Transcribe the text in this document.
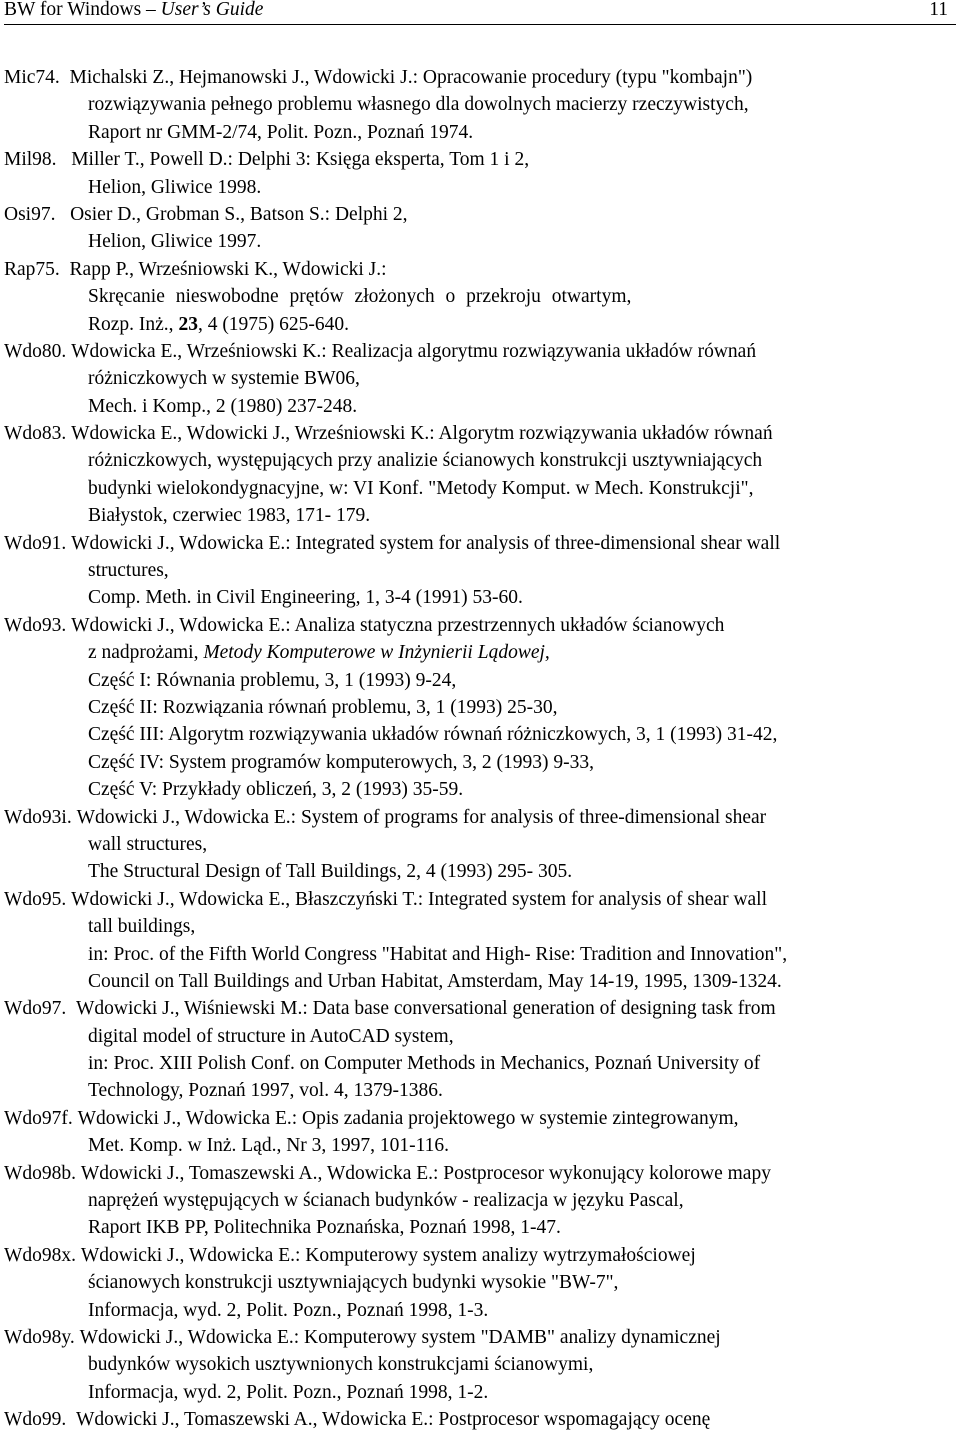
BW for Windows – User’s Guide	11
Mic74. Michalski Z., Hejmanowski J., Wdowicki J.: Opracowanie procedury (typu "kombajn")
rozwiązywania pełnego problemu własnego dla dowolnych macierzy rzeczywistych,
Raport nr GMM-2/74, Polit. Pozn., Poznań 1974.
Mil98. Miller T., Powell D.: Delphi 3: Księga eksperta, Tom 1 i 2,
Helion, Gliwice 1998.
Osi97. Osier D., Grobman S., Batson S.: Delphi 2,
Helion, Gliwice 1997.
Rap75. Rapp P., Wrześniowski K., Wdowicki J.:
Skręcanie nieswobodne prętów złożonych o przekroju otwartym,
Rozp. Inż., 23, 4 (1975) 625-640.
Wdo80. Wdowicka E., Wrześniowski K.: Realizacja algorytmu rozwiązywania układów równań
różniczkowych w systemie BW06,
Mech. i Komp., 2 (1980) 237-248.
Wdo83. Wdowicka E., Wdowicki J., Wrześniowski K.: Algorytm rozwiązywania układów równań
różniczkowych, występujących przy analizie ścianowych konstrukcji usztywniających
budynki wielokondygnacyjne, w: VI Konf. "Metody Komput. w Mech. Konstrukcji",
Białystok, czerwiec 1983, 171- 179.
Wdo91. Wdowicki J., Wdowicka E.: Integrated system for analysis of three-dimensional shear wall
structures,
Comp. Meth. in Civil Engineering, 1, 3-4 (1991) 53-60.
Wdo93. Wdowicki J., Wdowicka E.: Analiza statyczna przestrzennych układów ścianowych
z nadprożami, Metody Komputerowe w Inżynierii Lądowej,
Część I: Równania problemu, 3, 1 (1993) 9-24,
Część II: Rozwiązania równań problemu, 3, 1 (1993) 25-30,
Część III: Algorytm rozwiązywania układów równań różniczkowych, 3, 1 (1993) 31-42,
Część IV: System programów komputerowych, 3, 2 (1993) 9-33,
Część V: Przykłady obliczeń, 3, 2 (1993) 35-59.
Wdo93i. Wdowicki J., Wdowicka E.: System of programs for analysis of three-dimensional shear
wall structures,
The Structural Design of Tall Buildings, 2, 4 (1993) 295- 305.
Wdo95. Wdowicki J., Wdowicka E., Błaszczyński T.: Integrated system for analysis of shear wall
tall buildings,
in: Proc. of the Fifth World Congress "Habitat and High- Rise: Tradition and Innovation",
Council on Tall Buildings and Urban Habitat, Amsterdam, May 14-19, 1995, 1309-1324.
Wdo97. Wdowicki J., Wiśniewski M.: Data base conversational generation of designing task from
digital model of structure in AutoCAD system,
in: Proc. XIII Polish Conf. on Computer Methods in Mechanics, Poznań University of
Technology, Poznań 1997, vol. 4, 1379-1386.
Wdo97f. Wdowicki J., Wdowicka E.: Opis zadania projektowego w systemie zintegrowanym,
Met. Komp. w Inż. Ląd., Nr 3, 1997, 101-116.
Wdo98b. Wdowicki J., Tomaszewski A., Wdowicka E.: Postprocesor wykonujący kolorowe mapy
naprężeń występujących w ścianach budynków - realizacja w języku Pascal,
Raport IKB PP, Politechnika Poznańska, Poznań 1998, 1-47.
Wdo98x. Wdowicki J., Wdowicka E.: Komputerowy system analizy wytrzymałościowej
ścianowych konstrukcji usztywniających budynki wysokie "BW-7",
Informacja, wyd. 2, Polit. Pozn., Poznań 1998, 1-3.
Wdo98y. Wdowicki J., Wdowicka E.: Komputerowy system "DAMB" analizy dynamicznej
budynków wysokich usztywnionych konstrukcjami ścianowymi,
Informacja, wyd. 2, Polit. Pozn., Poznań 1998, 1-2.
Wdo99. Wdowicki J., Tomaszewski A., Wdowicka E.: Postprocesor wspomagający ocenę
